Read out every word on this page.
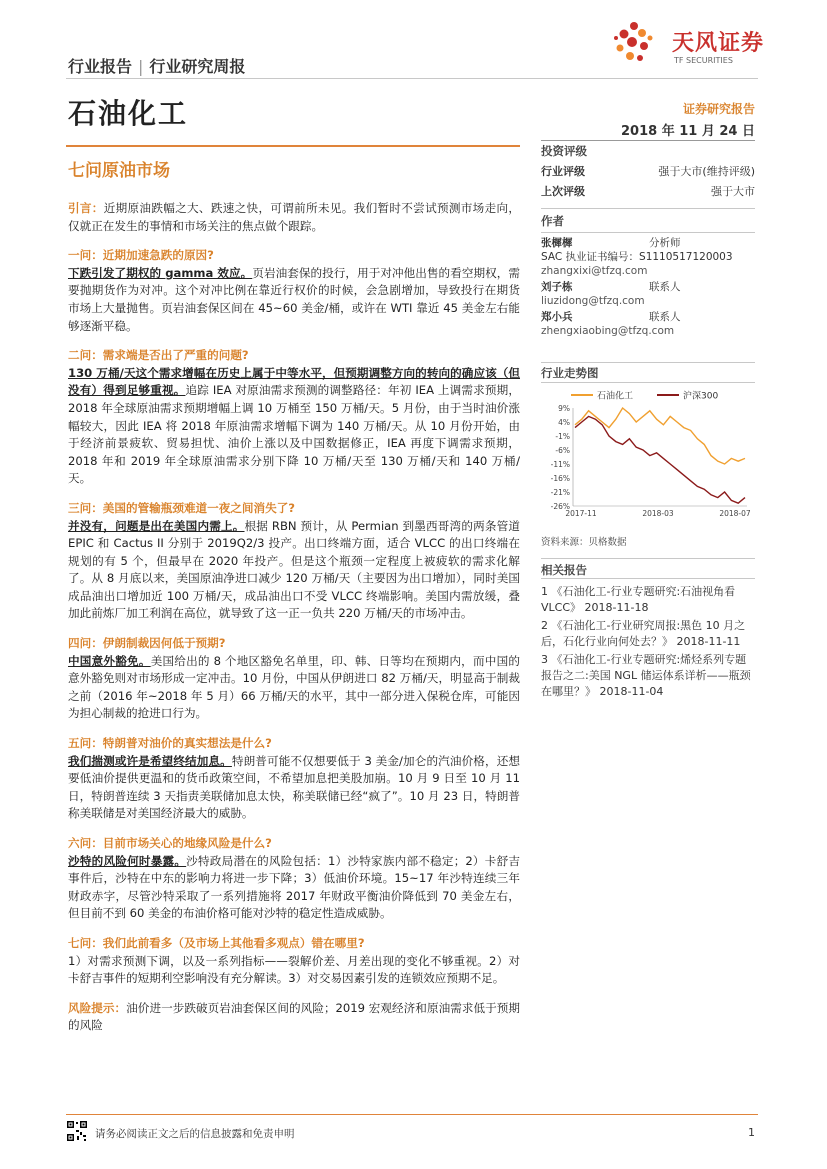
行业报告 | 行业研究周报
天风证券
TF SECURITIES
石油化工	证券研究报告
2018 年 11 月 24 日
七问原油市场
投资评级
行业评级	强于大市(维持评级)
上次评级	强于大市
作者
张樨樨	分析师
SAC 执业证书编号：S1110517120003
zhangxixi@tfzq.com
刘子栋	联系人
liuzidong@tfzq.com
郑小兵	联系人
zhengxiaobing@tfzq.com
行业走势图
石油化工	沪深300
9%
4%
-1%
-6%
-11%
-16%
-21%
-26%
2017-11	2018-03	2018-07
资料来源：贝格数据
相关报告
1 《石油化工-行业专题研究:石油视角看 VLCC》 2018-11-18
2 《石油化工-行业研究周报:黑色 10 月之后，石化行业向何处去？》 2018-11-11
3 《石油化工-行业专题研究:烯烃系列专题报告之二:美国 NGL 储运体系详析——瓶颈在哪里？》 2018-11-04

引言：近期原油跌幅之大、跌速之快，可谓前所未见。我们暂时不尝试预测市场走向，仅就正在发生的事情和市场关注的焦点做个跟踪。

一问：近期加速急跌的原因?

下跌引发了期权的 gamma 效应。页岩油套保的投行，用于对冲他出售的看空期权，需要抛期货作为对冲。这个对冲比例在靠近行权价的时候，会急剧增加，导致投行在期货市场上大量抛售。页岩油套保区间在 45~60 美金/桶，或许在 WTI 靠近 45 美金左右能够逐渐平稳。

二问：需求端是否出了严重的问题?

130 万桶/天这个需求增幅在历史上属于中等水平，但预期调整方向的转向的确应该（但没有）得到足够重视。追踪 IEA 对原油需求预测的调整路径：年初 IEA 上调需求预期，2018 年全球原油需求预期增幅上调 10 万桶至 150 万桶/天。5 月份，由于当时油价涨幅较大，因此 IEA 将 2018 年原油需求增幅下调为 140 万桶/天。从 10 月份开始，由于经济前景疲软、贸易担忧、油价上涨以及中国数据修正，IEA 再度下调需求预期，2018 年和 2019 年全球原油需求分别下降 10 万桶/天至 130 万桶/天和 140 万桶/天。

三问：美国的管输瓶颈难道一夜之间消失了?

并没有，问题是出在美国内需上。根据 RBN 预计，从 Permian 到墨西哥湾的两条管道 EPIC 和 Cactus II 分别于 2019Q2/3 投产。出口终端方面，适合 VLCC 的出口终端在规划的有 5 个，但最早在 2020 年投产。但是这个瓶颈一定程度上被疲软的需求化解了。从 8 月底以来，美国原油净进口减少 120 万桶/天（主要因为出口增加），同时美国成品油出口增加近 100 万桶/天，成品油出口不受 VLCC 终端影响。美国内需放缓，叠加此前炼厂加工利润在高位，就导致了这一正一负共 220 万桶/天的市场冲击。

四问：伊朗制裁因何低于预期?

中国意外豁免。美国给出的 8 个地区豁免名单里，印、韩、日等均在预期内，而中国的意外豁免则对市场形成一定冲击。10 月份，中国从伊朗进口 82 万桶/天，明显高于制裁之前（2016 年~2018 年 5 月）66 万桶/天的水平，其中一部分进入保税仓库，可能因为担心制裁的抢进口行为。

五问：特朗普对油价的真实想法是什么?

我们揣测或许是希望终结加息。特朗普可能不仅想要低于 3 美金/加仑的汽油价格，还想要低油价提供更温和的货币政策空间，不希望加息把美股加崩。10 月 9 日至 10 月 11 日，特朗普连续 3 天指责美联储加息太快，称美联储已经“疯了”。10 月 23 日，特朗普称美联储是对美国经济最大的威胁。

六问：目前市场关心的地缘风险是什么?

沙特的风险何时暴露。沙特政局潜在的风险包括：1）沙特家族内部不稳定；2）卡舒吉事件后，沙特在中东的影响力将进一步下降；3）低油价环境。15~17 年沙特连续三年财政赤字，尽管沙特采取了一系列措施将 2017 年财政平衡油价降低到 70 美金左右，但目前不到 60 美金的布油价格可能对沙特的稳定性造成威胁。

七问：我们此前看多（及市场上其他看多观点）错在哪里?

1）对需求预测下调，以及一系列指标——裂解价差、月差出现的变化不够重视。2）对卡舒吉事件的短期利空影响没有充分解读。3）对交易因素引发的连锁效应预期不足。

风险提示：油价进一步跌破页岩油套保区间的风险；2019 宏观经济和原油需求低于预期的风险

请务必阅读正文之后的信息披露和免责申明	1
